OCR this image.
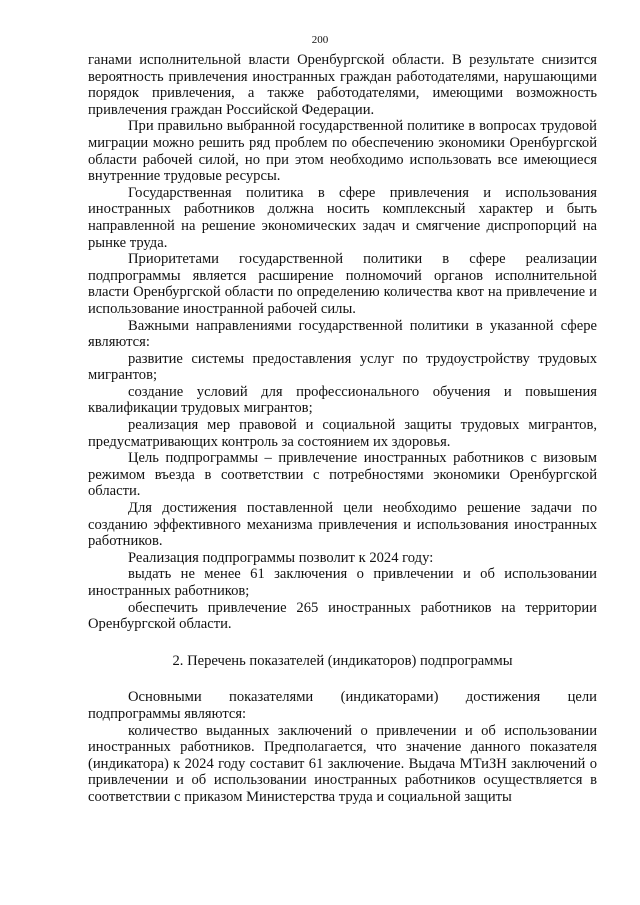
200

ганами исполнительной власти Оренбургской области. В результате снизится вероятность привлечения иностранных граждан работодателями, нарушающими порядок привлечения, а также работодателями, имеющими возможность привлечения граждан Российской Федерации.

При правильно выбранной государственной политике в вопросах трудовой миграции можно решить ряд проблем по обеспечению экономики Оренбургской области рабочей силой, но при этом необходимо использовать все имеющиеся внутренние трудовые ресурсы.

Государственная политика в сфере привлечения и использования иностранных работников должна носить комплексный характер и быть направленной на решение экономических задач и смягчение диспропорций на рынке труда.

Приоритетами государственной политики в сфере реализации подпрограммы является расширение полномочий органов исполнительной власти Оренбургской области по определению количества квот на привлечение и использование иностранной рабочей силы.

Важными направлениями государственной политики в указанной сфере являются:

развитие системы предоставления услуг по трудоустройству трудовых мигрантов;

создание условий для профессионального обучения и повышения квалификации трудовых мигрантов;

реализация мер правовой и социальной защиты трудовых мигрантов, предусматривающих контроль за состоянием их здоровья.

Цель подпрограммы – привлечение иностранных работников с визовым режимом въезда в соответствии с потребностями экономики Оренбургской области.

Для достижения поставленной цели необходимо решение задачи по созданию эффективного механизма привлечения и использования иностранных работников.

Реализация подпрограммы позволит к 2024 году:

выдать не менее 61 заключения о привлечении и об использовании иностранных работников;

обеспечить привлечение 265 иностранных работников на территории Оренбургской области.

2. Перечень показателей (индикаторов) подпрограммы

Основными показателями (индикаторами) достижения цели подпрограммы являются:

количество выданных заключений о привлечении и об использовании иностранных работников. Предполагается, что значение данного показателя (индикатора) к 2024 году составит 61 заключение. Выдача МТиЗН заключений о привлечении и об использовании иностранных работников осуществляется в соответствии с приказом Министерства труда и социальной защиты
